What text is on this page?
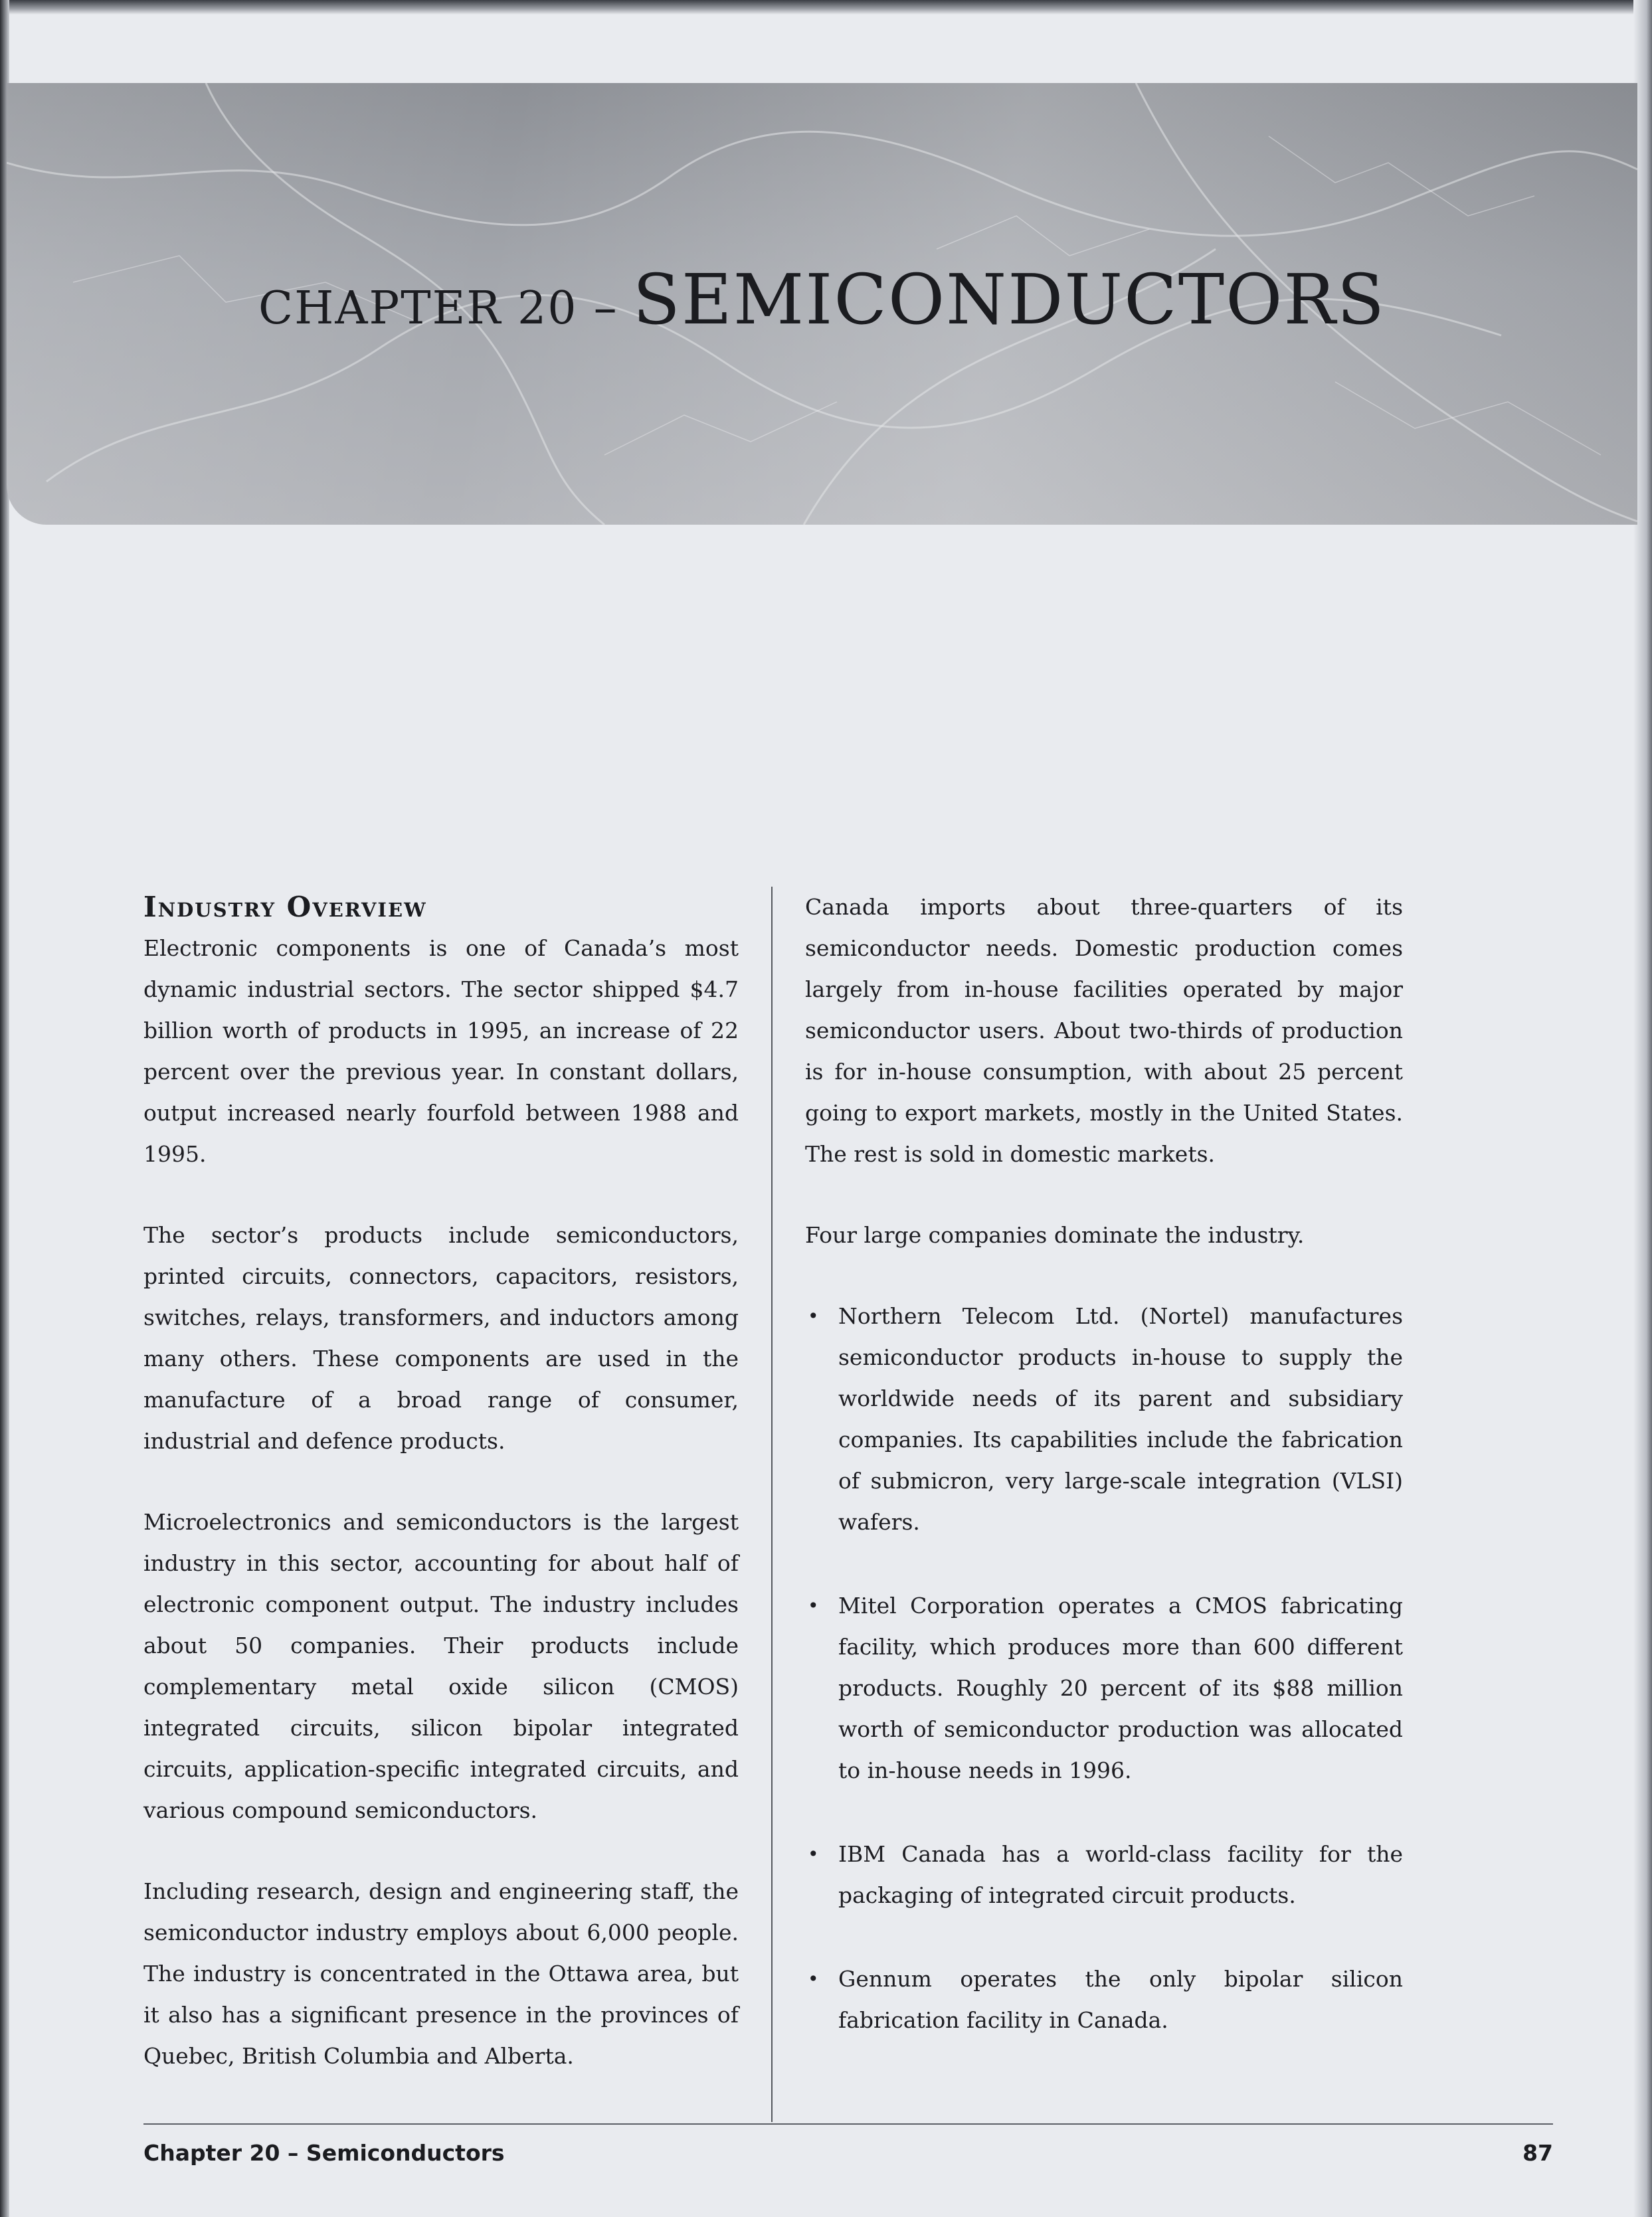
CHAPTER 20 – SEMICONDUCTORS
Industry Overview

Electronic components is one of Canada’s most dynamic industrial sectors. The sector shipped $4.7 billion worth of products in 1995, an increase of 22 percent over the previous year. In constant dollars, output increased nearly fourfold between 1988 and 1995.

The sector’s products include semiconductors, printed circuits, connectors, capacitors, resistors, switches, relays, transformers, and inductors among many others. These components are used in the manufacture of a broad range of consumer, industrial and defence products.

Microelectronics and semiconductors is the largest industry in this sector, accounting for about half of electronic component output. The industry includes about 50 companies. Their products include complementary metal oxide silicon (CMOS) integrated circuits, silicon bipolar integrated circuits, application-specific integrated circuits, and various compound semiconductors.

Including research, design and engineering staff, the semiconductor industry employs about 6,000 people. The industry is concentrated in the Ottawa area, but it also has a significant presence in the provinces of Quebec, British Columbia and Alberta.

Canada imports about three-quarters of its semiconductor needs. Domestic production comes largely from in-house facilities operated by major semiconductor users. About two-thirds of production is for in-house consumption, with about 25 percent going to export markets, mostly in the United States. The rest is sold in domestic markets.

Four large companies dominate the industry.

• Northern Telecom Ltd. (Nortel) manufactures semiconductor products in-house to supply the worldwide needs of its parent and subsidiary companies. Its capabilities include the fabrication of submicron, very large-scale integration (VLSI) wafers.
• Mitel Corporation operates a CMOS fabricating facility, which produces more than 600 different products. Roughly 20 percent of its $88 million worth of semiconductor production was allocated to in-house needs in 1996.
• IBM Canada has a world-class facility for the packaging of integrated circuit products.
• Gennum operates the only bipolar silicon fabrication facility in Canada.
Chapter 20 – Semiconductors	87
